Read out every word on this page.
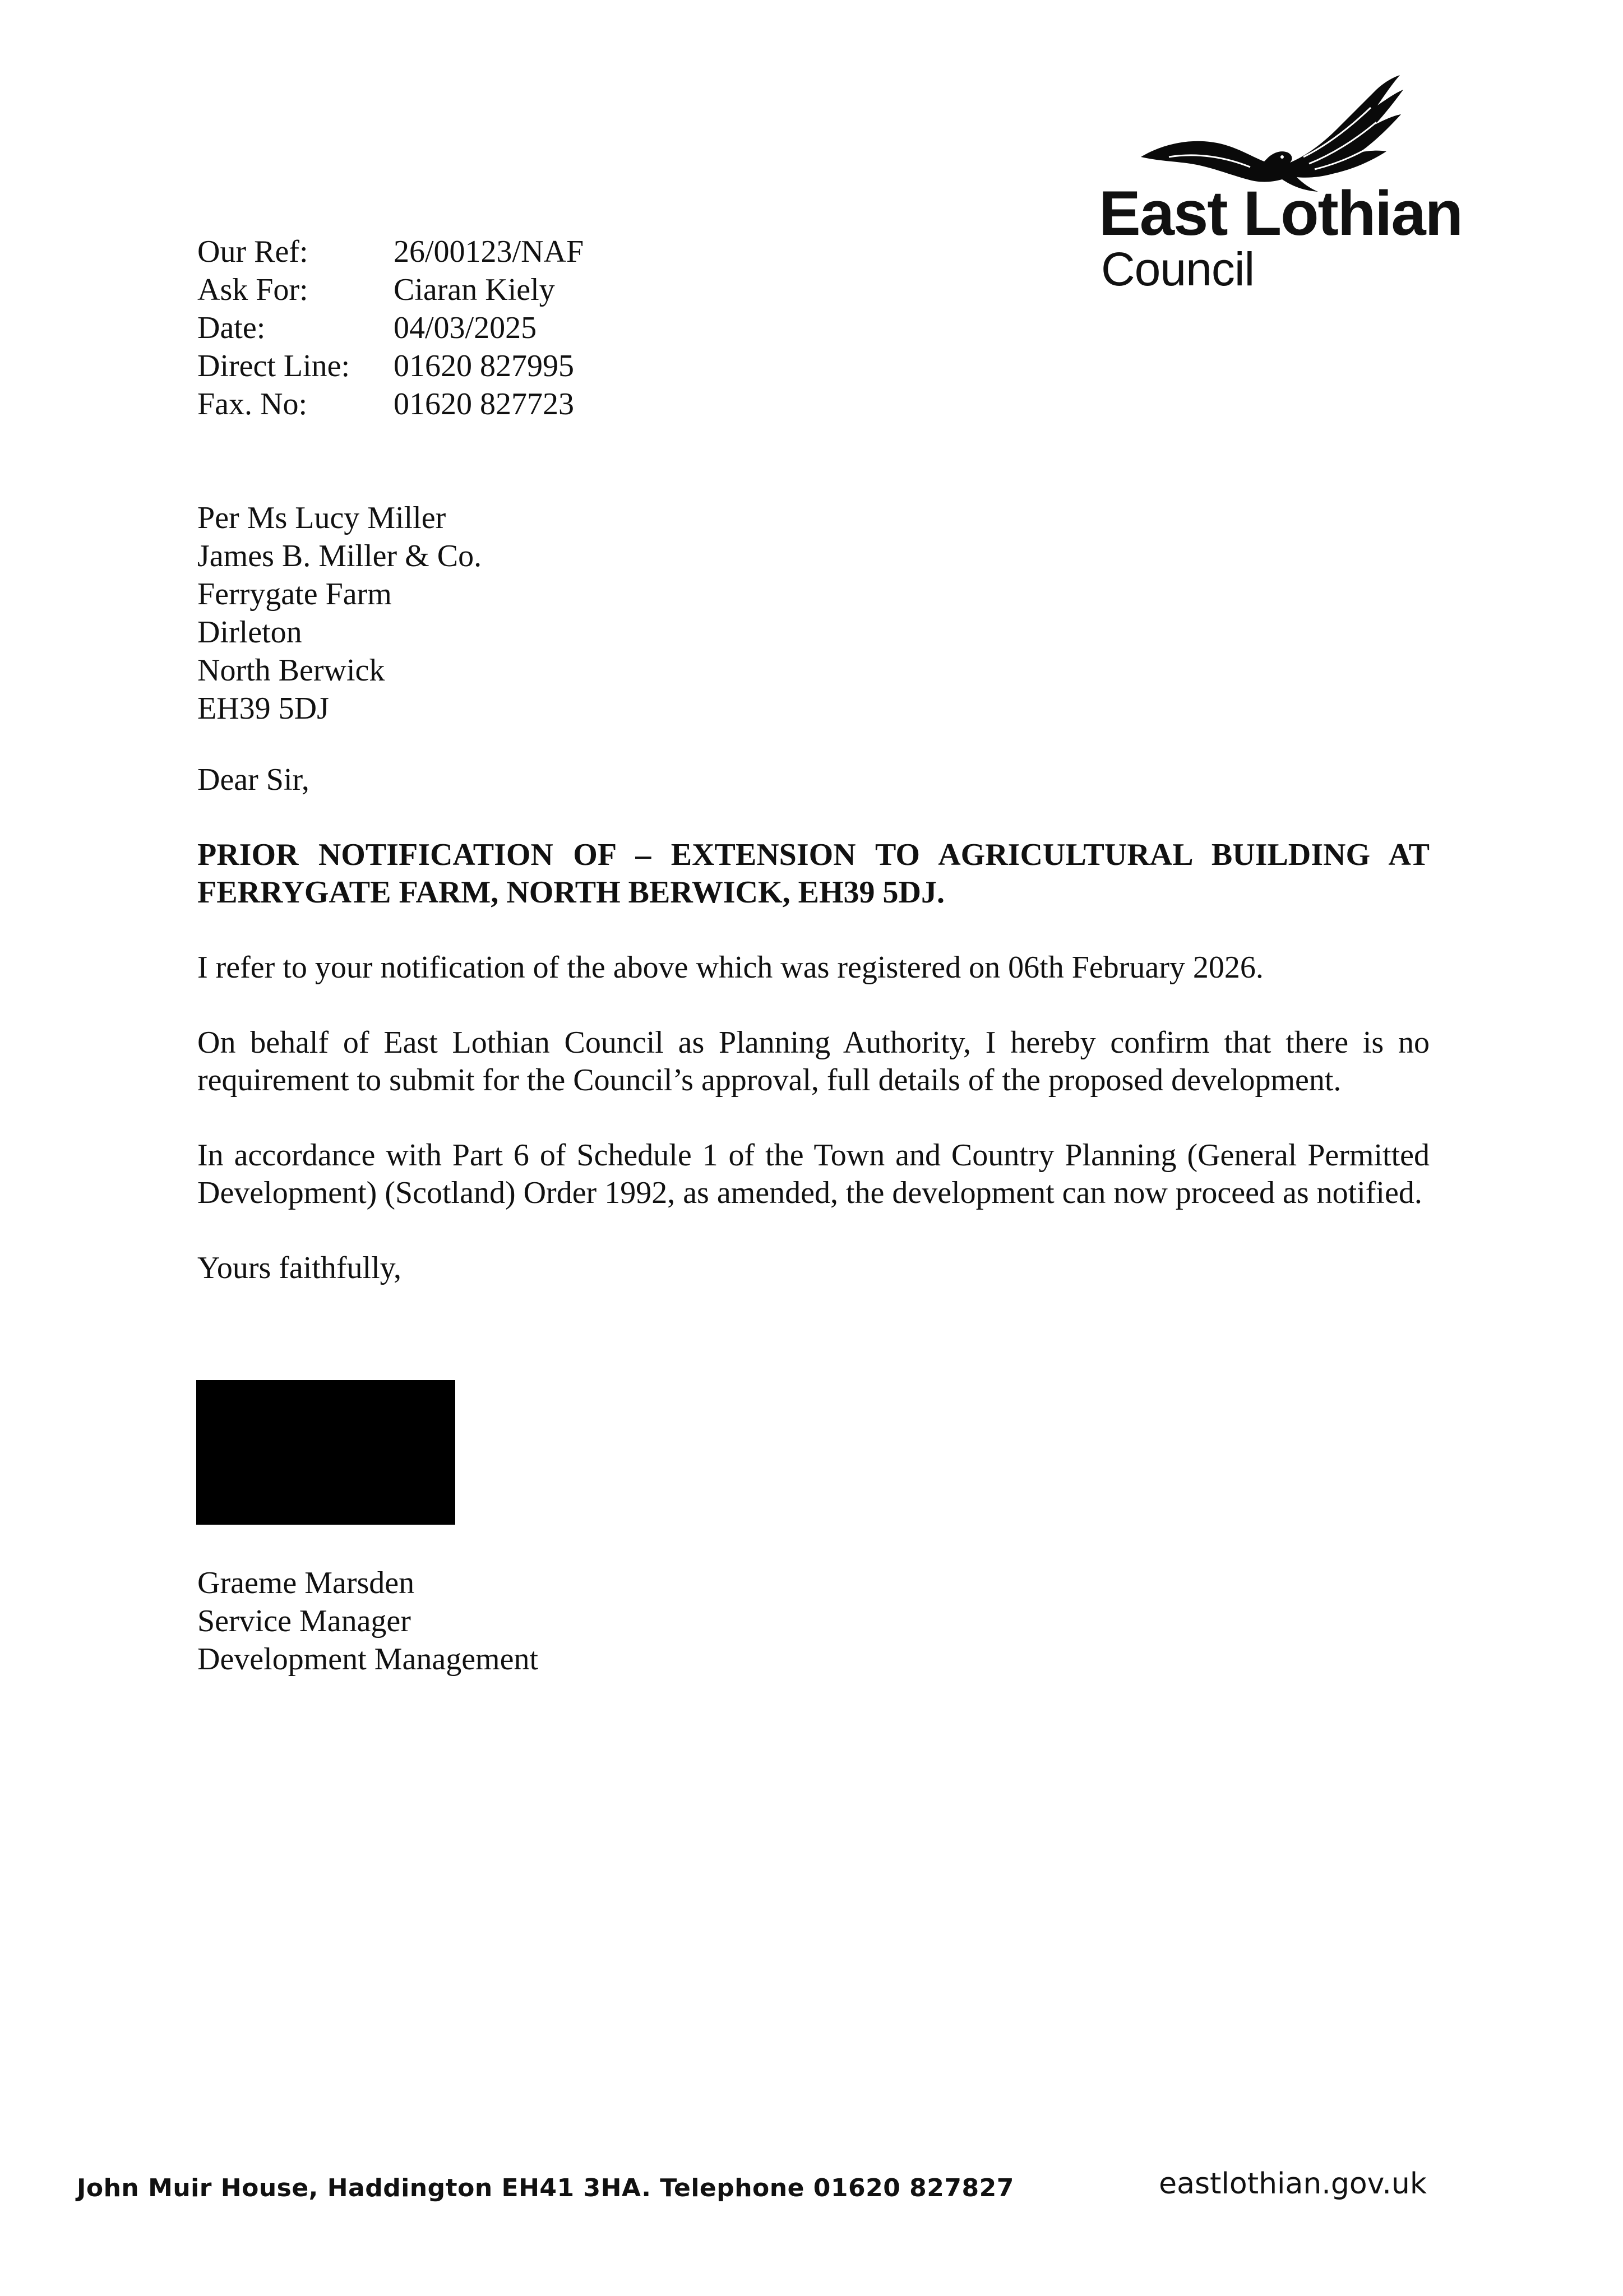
East Lothian
Council
Our Ref:	26/00123/NAF
Ask For:	Ciaran Kiely
Date:	04/03/2025
Direct Line:	01620 827995
Fax. No:	01620 827723
Per Ms Lucy Miller
James B. Miller & Co.
Ferrygate Farm
Dirleton
North Berwick
EH39 5DJ

Dear Sir,

PRIOR NOTIFICATION OF – EXTENSION TO AGRICULTURAL BUILDING AT FERRYGATE FARM, NORTH BERWICK, EH39 5DJ.

I refer to your notification of the above which was registered on 06th February 2026.

On behalf of East Lothian Council as Planning Authority, I hereby confirm that there is no requirement to submit for the Council’s approval, full details of the proposed development.

In accordance with Part 6 of Schedule 1 of the Town and Country Planning (General Permitted Development) (Scotland) Order 1992, as amended, the development can now proceed as notified.

Yours faithfully,

Graeme Marsden
Service Manager
Development Management
John Muir House, Haddington EH41 3HA. Telephone 01620 827827	eastlothian.gov.uk
